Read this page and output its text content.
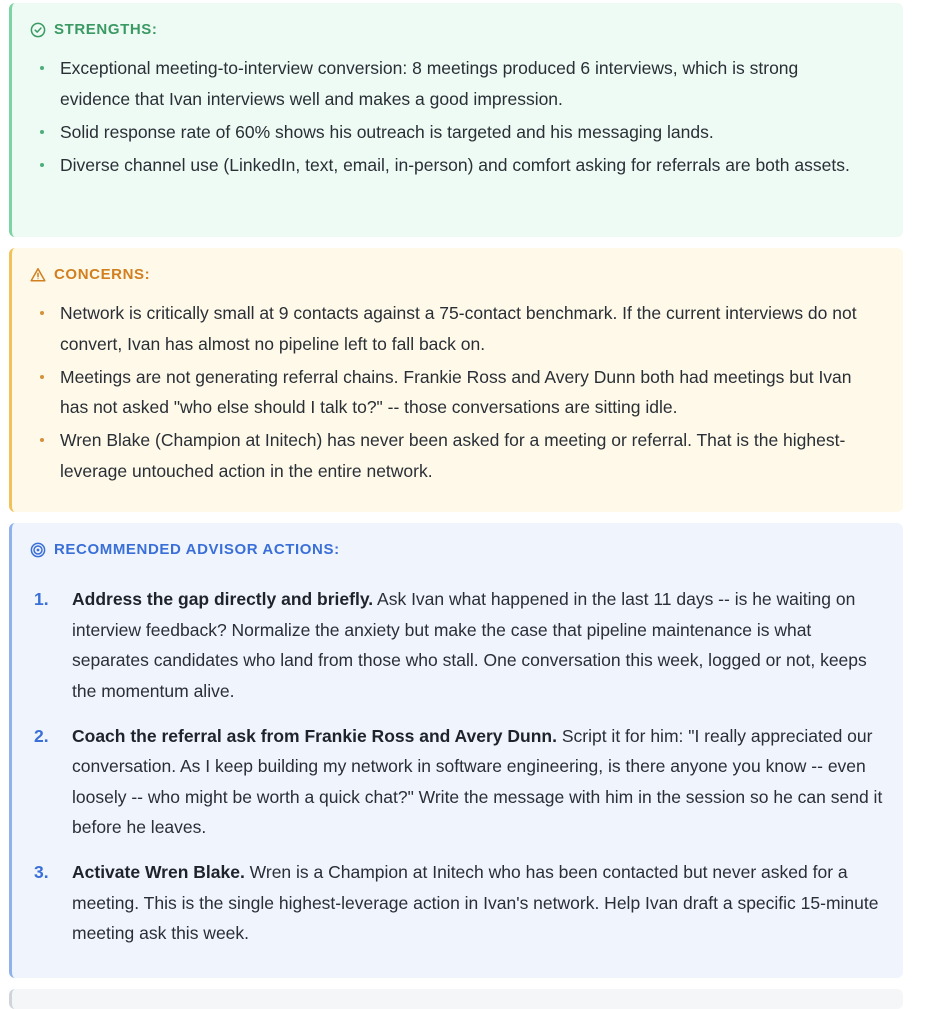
STRENGTHS:
Exceptional meeting-to-interview conversion: 8 meetings produced 6 interviews, which is strong evidence that Ivan interviews well and makes a good impression.
Solid response rate of 60% shows his outreach is targeted and his messaging lands.
Diverse channel use (LinkedIn, text, email, in-person) and comfort asking for referrals are both assets.
CONCERNS:
Network is critically small at 9 contacts against a 75-contact benchmark. If the current interviews do not convert, Ivan has almost no pipeline left to fall back on.
Meetings are not generating referral chains. Frankie Ross and Avery Dunn both had meetings but Ivan has not asked "who else should I talk to?" -- those conversations are sitting idle.
Wren Blake (Champion at Initech) has never been asked for a meeting or referral. That is the highest-leverage untouched action in the entire network.
RECOMMENDED ADVISOR ACTIONS:
1. Address the gap directly and briefly. Ask Ivan what happened in the last 11 days -- is he waiting on interview feedback? Normalize the anxiety but make the case that pipeline maintenance is what separates candidates who land from those who stall. One conversation this week, logged or not, keeps the momentum alive.
2. Coach the referral ask from Frankie Ross and Avery Dunn. Script it for him: "I really appreciated our conversation. As I keep building my network in software engineering, is there anyone you know -- even loosely -- who might be worth a quick chat?" Write the message with him in the session so he can send it before he leaves.
3. Activate Wren Blake. Wren is a Champion at Initech who has been contacted but never asked for a meeting. This is the single highest-leverage action in Ivan's network. Help Ivan draft a specific 15-minute meeting ask this week.
